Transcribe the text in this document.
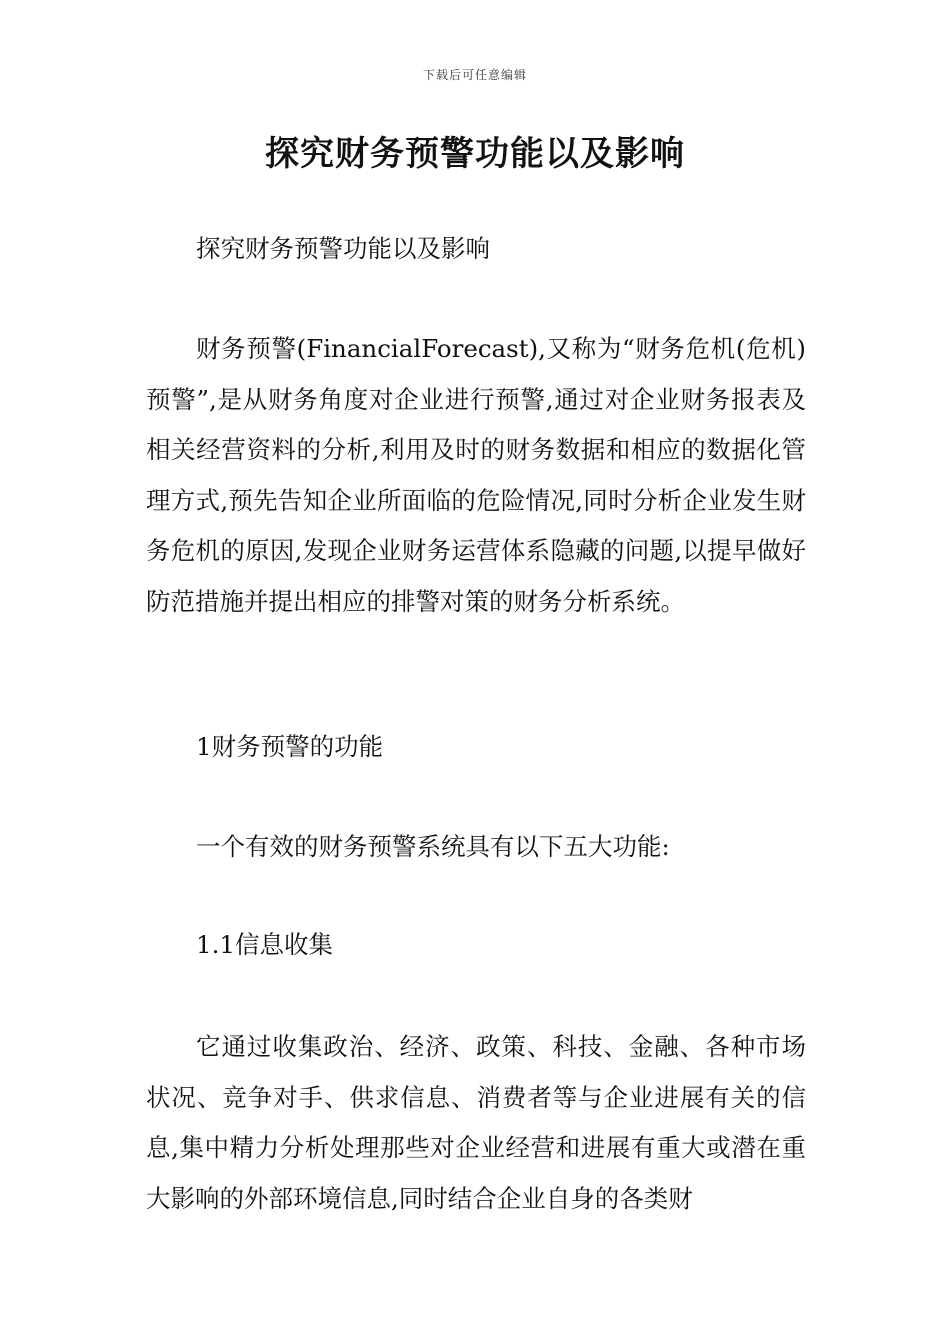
下载后可任意编辑
探究财务预警功能以及影响

探究财务预警功能以及影响

财务预警(FinancialForecast),又称为“财务危机(危机)预警”,是从财务角度对企业进行预警,通过对企业财务报表及相关经营资料的分析,利用及时的财务数据和相应的数据化管理方式,预先告知企业所面临的危险情况,同时分析企业发生财务危机的原因,发现企业财务运营体系隐藏的问题,以提早做好防范措施并提出相应的排警对策的财务分析系统。

1财务预警的功能

一个有效的财务预警系统具有以下五大功能:

1.1信息收集

它通过收集政治、经济、政策、科技、金融、各种市场状况、竞争对手、供求信息、消费者等与企业进展有关的信息,集中精力分析处理那些对企业经营和进展有重大或潜在重大影响的外部环境信息,同时结合企业自身的各类财
